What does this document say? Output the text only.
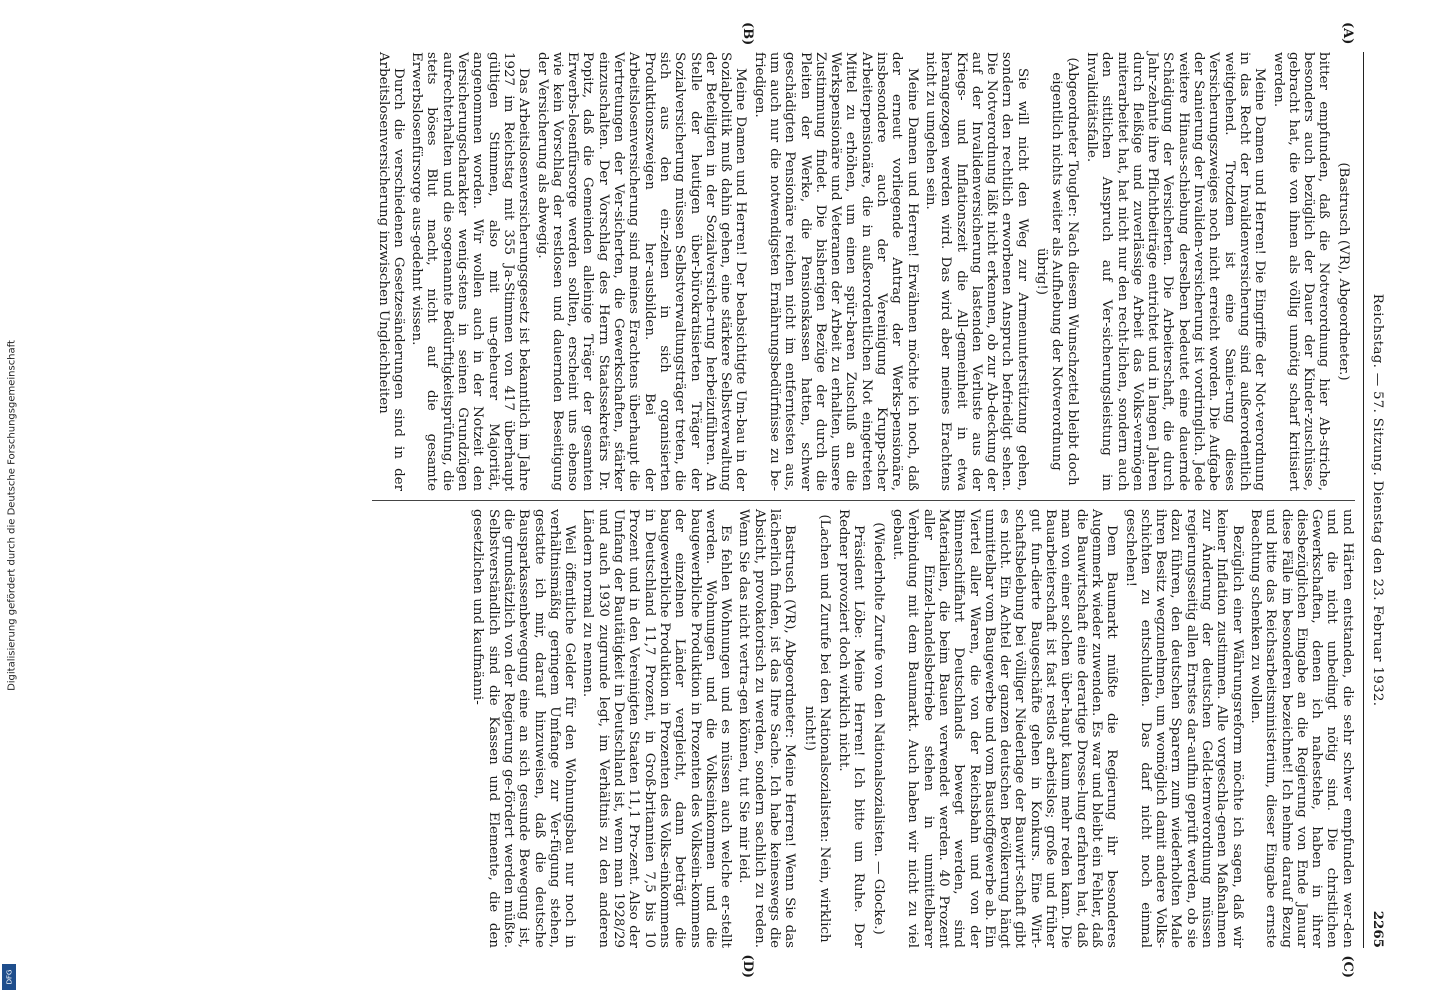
Reichstag. — 57. Sitzung. Dienstag den 23. Februar 1932.
2265
(A)
(B)
(C)
(D)

(Bastrusch (VR), Abgeordneter.)

bitter empfunden, daß die Notverordnung hier Ab-striche, besonders auch bezüglich der Dauer der Kinder-zuschüsse, gebracht hat, die von ihnen als völlig unnötig scharf kritisiert werden.

Meine Damen und Herren! Die Eingriffe der Not-verordnung in das Recht der Invalidenversicherung sind außerordentlich weitgehend. Trotzdem ist eine Sanie-rung dieses Versicherungszweiges noch nicht erreicht worden. Die Aufgabe der Sanierung der Invaliden-versicherung ist vordringlich. Jede weitere Hinaus-schiebung derselben bedeutet eine dauernde Schädigung der Versicherten. Die Arbeiterschaft, die durch Jahr-zehnte ihre Pflichtbeiträge entrichtet und in langen Jahren durch fleißige und zuverlässige Arbeit das Volks-vermögen miterarbeitet hat, hat nicht nur den recht-lichen, sondern auch den sittlichen Anspruch auf Ver-sicherungsleistung im Invaliditätsfalle.

(Abgeordneter Tougler: Nach diesem Wunschzettel bleibt doch eigentlich nichts weiter als Aufhebung der Notverordnung übrig!)

Sie will nicht den Weg zur Armenunterstützung gehen, sondern den rechtlich erworbenen Anspruch befriedigt sehen. Die Notverordnung läßt nicht erkennen, ob zur Ab-deckung der auf der Invalidenversicherung lastenden Verluste aus der Kriegs- und Inflationszeit die All-gemeinheit in etwa herangezogen werden wird. Das wird aber meines Erachtens nicht zu umgehen sein.

Meine Damen und Herren! Erwähnen möchte ich noch, daß der erneut vorliegende Antrag der Werks-pensionäre, insbesondere auch der Vereinigung Krupp-scher Arbeiterpensionäre, die in außerordentlichen Not eingetreten Mittel zu erhöhen, um einen spür-baren Zuschuß an die Werkspensionäre und Veteranen der Arbeit zu erhalten, unsere Zustimmung findet. Die bisherigen Bezüge der durch die Pleiten der Werke, die Pensionskassen hatten, schwer geschädigten Pensionäre reichen nicht im entferntesten aus, um auch nur die notwendigsten Ernährungsbedürfnisse zu be-friedigen.

Meine Damen und Herren! Der beabsichtigte Um-bau in der Sozialpolitik muß dahin gehen, eine stärkere Selbstverwaltung der Beteiligten in der Sozialversiche-rung herbeizuführen. An Stelle der heutigen über-bürokratisierten Träger der Sozialversicherung müssen Selbstverwaltungsträger treten, die sich aus den ein-zelnen in sich organisierten Produktionszweigen her-ausbilden. Bei der Arbeitslosenversicherung sind meines Erachtens überhaupt die Vertretungen der Ver-sicherten, die Gewerkschaften, stärker einzuschalten. Der Vorschlag des Herrn Staatssekretärs Dr. Popitz, daß die Gemeinden alleinige Träger der gesamten Erwerbs-losenfürsorge werden sollten, erscheint uns ebenso wie kein Vorschlag der restlosen und dauernden Beseitigung der Versicherung als abwegig.

Das Arbeitslosenversicherungsgesetz ist bekanntlich im Jahre 1927 im Reichstag mit 355 Ja-Stimmen von 417 überhaupt gültigen Stimmen, also mit un-geheurer Majorität, angenommen worden. Wir wollen auch in der Notzeit den Versicherungscharakter wenig-stens in seinen Grundzügen aufrechterhalten und die sogenannte Bedürftigkeitsprüfung, die stets böses Blut macht, nicht auf die gesamte Erwerbslosenfürsorge aus-gedehnt wissen.

Durch die verschiedenen Gesetzesänderungen sind in der Arbeitslosenversicherung inzwischen Ungleichheiten

und Härten entstanden, die sehr schwer empfunden wer-den und die nicht unbedingt nötig sind. Die christlichen Gewerkschaften, denen ich nahestehe, haben in ihrer diesbezüglichen Eingabe an die Regierung von Ende Januar diese Fälle im besonderen bezeichnet! Ich nehme darauf Bezug und bitte das Reichsarbeitsministerium, dieser Eingabe ernste Beachtung schenken zu wollen.

Bezüglich einer Währungsreform möchte ich sagen, daß wir keiner Inflation zustimmen. Alle vorgeschla-genen Maßnahmen zur Änderung der deutschen Geld-ternverordnung müssen regierungsseitig allen Ernstes dar-aufhin geprüft werden, ob sie dazu führen, den deutschen Sparern zum wiederholten Male ihren Besitz wegzunehmen, um womöglich damit andere Volks-schichten zu entschulden. Das darf nicht noch einmal geschehen!

Dem Baumarkt müßte die Regierung ihr besonderes Augenmerk wieder zuwenden. Es war und bleibt ein Fehler, daß die Bauwirtschaft eine derartige Drosse-lung erfahren hat, daß man von einer solchen über-haupt kaum mehr reden kann. Die Bauarbeiterschaft ist fast restlos arbeitslos; große und früher gut fun-dierte Baugeschäfte gehen in Konkurs. Eine Wirt-schaftsbelebung bei völliger Niederlage der Bauwirt-schaft gibt es nicht. Ein Achtel der ganzen deutschen Bevölkerung hängt unmittelbar vom Baugewerbe und vom Baustoffgewerbe ab. Ein Viertel aller Waren, die von der Reichsbahn und von der Binnenschiffahrt Deutschlands bewegt werden, sind Materialien, die beim Bauen verwendet werden. 40 Prozent aller Einzel-handelsbetriebe stehen in unmittelbarer Verbindung mit dem Baumarkt. Auch haben wir nicht zu viel gebaut.

(Wiederholte Zurufe von den Nationalsozialisten. — Glocke.)

Präsident Löbe: Meine Herren! Ich bitte um Ruhe. Der Redner provoziert doch wirklich nicht.

(Lachen und Zurufe bei den Nationalsozialisten: Nein, wirklich nicht!)

Bastrusch (VR), Abgeordneter: Meine Herren! Wenn Sie das lächerlich finden, ist das Ihre Sache. Ich habe keineswegs die Absicht, provokatorisch zu werden, sondern sachlich zu reden. Wenn Sie das nicht vertra-gen können, tut Sie mir leid.

Es fehlen Wohnungen und es müssen auch welche er-stellt werden. Wohnungen und die Volkseinkommen und die baugewerbliche Produktion in Prozenten des Volksein-kommens der einzelnen Länder vergleicht, dann beträgt die baugewerbliche Produktion in Prozenten des Volks-einkommens in Deutschland 11,7 Prozent, in Groß-britannien 7,5 bis 10 Prozent und in den Vereinigten Staaten 11,1 Pro-zent. Also der Umfang der Bautätigkeit in Deutschland ist, wenn man 1928/29 und auch 1930 zugrunde legt, im Verhältnis zu den anderen Ländern normal zu nennen.

Weil öffentliche Gelder für den Wohnungsbau nur noch in verhältnismäßig geringem Umfange zur Ver-fügung stehen, gestatte ich mir, darauf hinzuweisen, daß die deutsche Bausparkassenbewegung eine an sich gesunde Bewegung ist, die grundsätzlich von der Regierung ge-fördert werden müßte. Selbstverständlich sind die Kassen und Elemente, die den gesetzlichen und kaufmänni-

Digitalisierung gefördert durch die Deutsche Forschungsgemeinschaft
DFG
